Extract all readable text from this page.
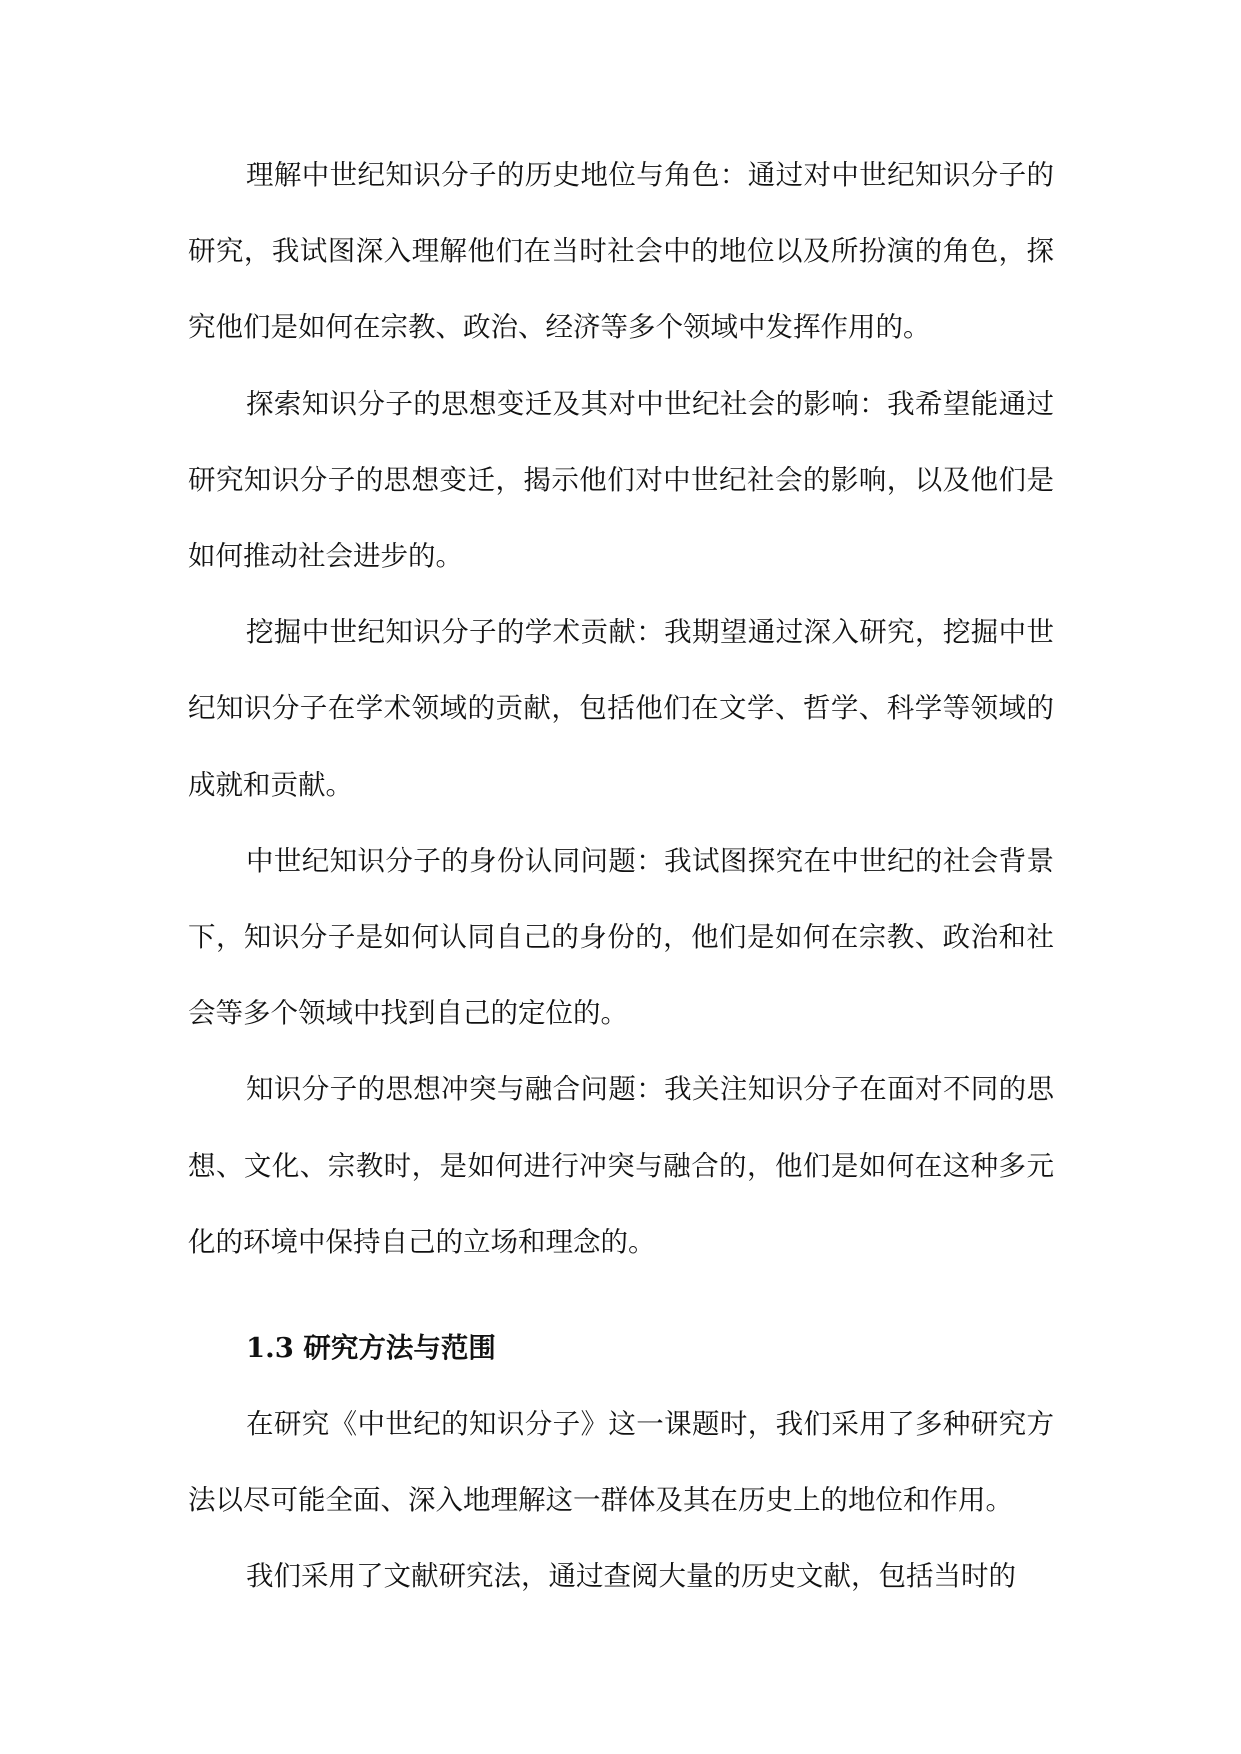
理解中世纪知识分子的历史地位与角色：通过对中世纪知识分子的研究，我试图深入理解他们在当时社会中的地位以及所扮演的角色，探究他们是如何在宗教、政治、经济等多个领域中发挥作用的。

探索知识分子的思想变迁及其对中世纪社会的影响：我希望能通过研究知识分子的思想变迁，揭示他们对中世纪社会的影响，以及他们是如何推动社会进步的。

挖掘中世纪知识分子的学术贡献：我期望通过深入研究，挖掘中世纪知识分子在学术领域的贡献，包括他们在文学、哲学、科学等领域的成就和贡献。

中世纪知识分子的身份认同问题：我试图探究在中世纪的社会背景下，知识分子是如何认同自己的身份的，他们是如何在宗教、政治和社会等多个领域中找到自己的定位的。

知识分子的思想冲突与融合问题：我关注知识分子在面对不同的思想、文化、宗教时，是如何进行冲突与融合的，他们是如何在这种多元化的环境中保持自己的立场和理念的。

1.3 研究方法与范围

在研究《中世纪的知识分子》这一课题时，我们采用了多种研究方法以尽可能全面、深入地理解这一群体及其在历史上的地位和作用。

我们采用了文献研究法，通过查阅大量的历史文献，包括当时的
